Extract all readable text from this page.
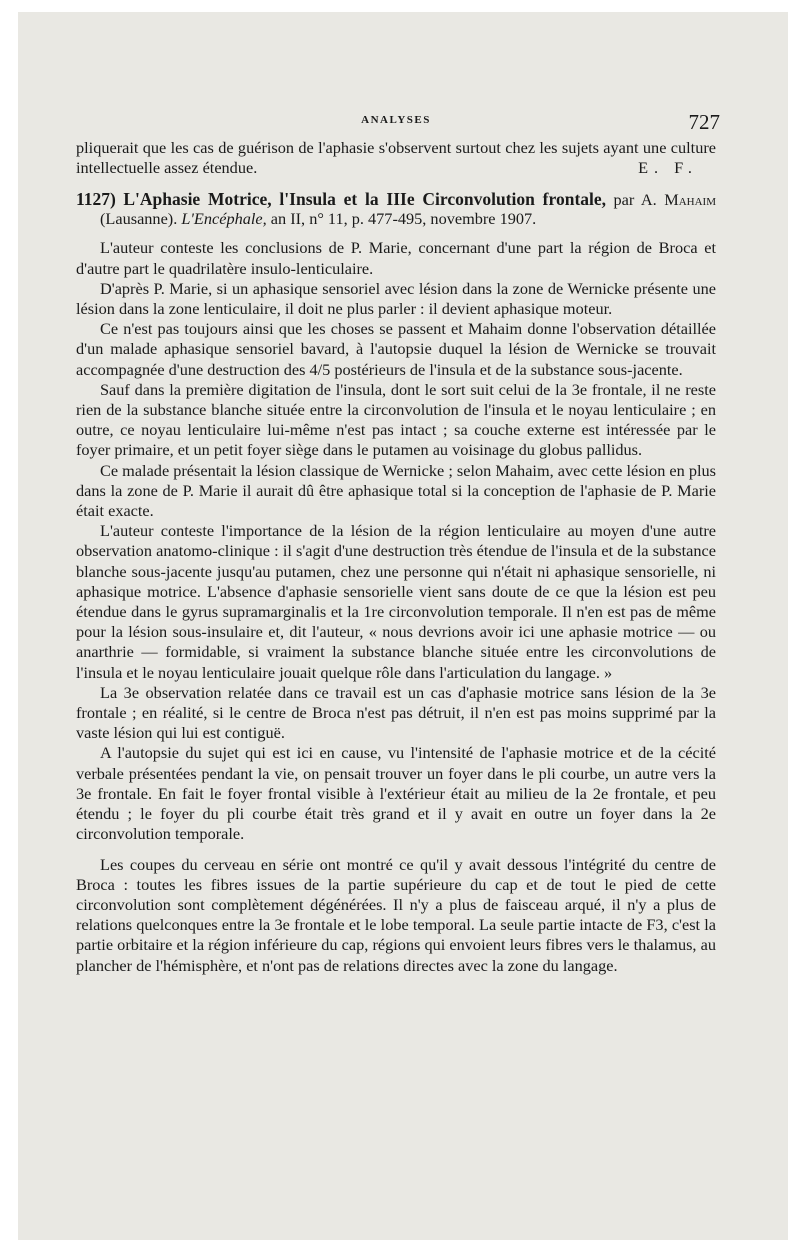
ANALYSES	727

pliquerait que les cas de guérison de l'aphasie s'observent surtout chez les sujets ayant une culture intellectuelle assez étendue.	E. F.

1127) L'Aphasie Motrice, l'Insula et la IIIe Circonvolution frontale, par A. Mahaim (Lausanne). L'Encéphale, an II, n° 11, p. 477-495, novembre 1907.

L'auteur conteste les conclusions de P. Marie, concernant d'une part la région de Broca et d'autre part le quadrilatère insulo-lenticulaire.

D'après P. Marie, si un aphasique sensoriel avec lésion dans la zone de Wernicke présente une lésion dans la zone lenticulaire, il doit ne plus parler : il devient aphasique moteur.

Ce n'est pas toujours ainsi que les choses se passent et Mahaim donne l'observation détaillée d'un malade aphasique sensoriel bavard, à l'autopsie duquel la lésion de Wernicke se trouvait accompagnée d'une destruction des 4/5 postérieurs de l'insula et de la substance sous-jacente.

Sauf dans la première digitation de l'insula, dont le sort suit celui de la 3e frontale, il ne reste rien de la substance blanche située entre la circonvolution de l'insula et le noyau lenticulaire ; en outre, ce noyau lenticulaire lui-même n'est pas intact ; sa couche externe est intéressée par le foyer primaire, et un petit foyer siège dans le putamen au voisinage du globus pallidus.

Ce malade présentait la lésion classique de Wernicke ; selon Mahaim, avec cette lésion en plus dans la zone de P. Marie il aurait dû être aphasique total si la conception de l'aphasie de P. Marie était exacte.

L'auteur conteste l'importance de la lésion de la région lenticulaire au moyen d'une autre observation anatomo-clinique : il s'agit d'une destruction très étendue de l'insula et de la substance blanche sous-jacente jusqu'au putamen, chez une personne qui n'était ni aphasique sensorielle, ni aphasique motrice. L'absence d'aphasie sensorielle vient sans doute de ce que la lésion est peu étendue dans le gyrus supramarginalis et la 1re circonvolution temporale. Il n'en est pas de même pour la lésion sous-insulaire et, dit l'auteur, « nous devrions avoir ici une aphasie motrice — ou anarthrie — formidable, si vraiment la substance blanche située entre les circonvolutions de l'insula et le noyau lenticulaire jouait quelque rôle dans l'articulation du langage. »

La 3e observation relatée dans ce travail est un cas d'aphasie motrice sans lésion de la 3e frontale ; en réalité, si le centre de Broca n'est pas détruit, il n'en est pas moins supprimé par la vaste lésion qui lui est contiguë.

A l'autopsie du sujet qui est ici en cause, vu l'intensité de l'aphasie motrice et de la cécité verbale présentées pendant la vie, on pensait trouver un foyer dans le pli courbe, un autre vers la 3e frontale. En fait le foyer frontal visible à l'extérieur était au milieu de la 2e frontale, et peu étendu ; le foyer du pli courbe était très grand et il y avait en outre un foyer dans la 2e circonvolution temporale.

Les coupes du cerveau en série ont montré ce qu'il y avait dessous l'intégrité du centre de Broca : toutes les fibres issues de la partie supérieure du cap et de tout le pied de cette circonvolution sont complètement dégénérées. Il n'y a plus de faisceau arqué, il n'y a plus de relations quelconques entre la 3e frontale et le lobe temporal. La seule partie intacte de F3, c'est la partie orbitaire et la région inférieure du cap, régions qui envoient leurs fibres vers le thalamus, au plancher de l'hémisphère, et n'ont pas de relations directes avec la zone du langage.
